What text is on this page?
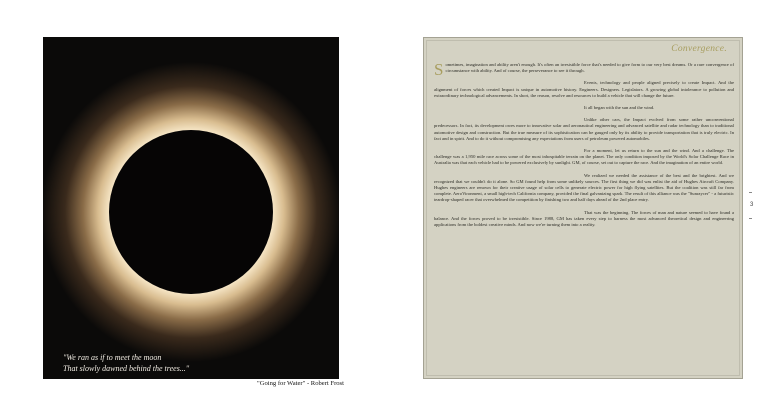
"We ran as if to meet the moon
That slowly dawned behind the trees..."
"Going for Water" - Robert Frost
Convergence.

Sometimes, imagination and ability aren't enough. It's often an irresistible force that's needed to give form to our very best dreams. Or a rare convergence of circumstance with ability. And of course, the perseverance to see it through.

Events, technology and people aligned precisely to create Impact. And the alignment of forces which created Impact is unique in automotive history. Engineers. Designers. Legislators. A growing global intolerance to pollution and extraordinary technological advancements. In short, the reason, resolve and resources to build a vehicle that will change the future.

It all began with the sun and the wind.

Unlike other cars, the Impact evolved from some rather unconventional predecessors. In fact, its development owes more to innovative solar and aeronautical engineering and advanced satellite and radar technology than to traditional automotive design and construction. But the true measure of its sophistication can be gauged only by its ability to provide transportation that is truly electric. In fact and in spirit. And to do it without compromising any expectations from users of petroleum powered automobiles.

For a moment, let us return to the sun and the wind. And a challenge. The challenge was a 1,950 mile race across some of the most inhospitable terrain on the planet. The only condition imposed by the World's Solar Challenge Race in Australia was that each vehicle had to be powered exclusively by sunlight. GM, of course, set out to capture the race. And the imagination of an entire world.

We realized we needed the assistance of the best and the brightest. And we recognized that we couldn't do it alone. So GM found help from some unlikely sources. The first thing we did was enlist the aid of Hughes Aircraft Company. Hughes engineers are renown for their creative usage of solar cells to generate electric power for high flying satellites. But the coalition was still far from complete. AeroVironment, a small high-tech California company, provided the final galvanizing spark. The result of this alliance was the "Sunraycer" - a futuristic teardrop-shaped racer that overwhelmed the competition by finishing two and half days ahead of the 2nd place entry.

That was the beginning. The forces of man and nature seemed to have found a balance. And the forces proved to be irresistible. Since 1988, GM has taken every step to harness the most advanced theoretical design and engineering applications from the boldest creative minds. And now we're turning them into a reality.

3
